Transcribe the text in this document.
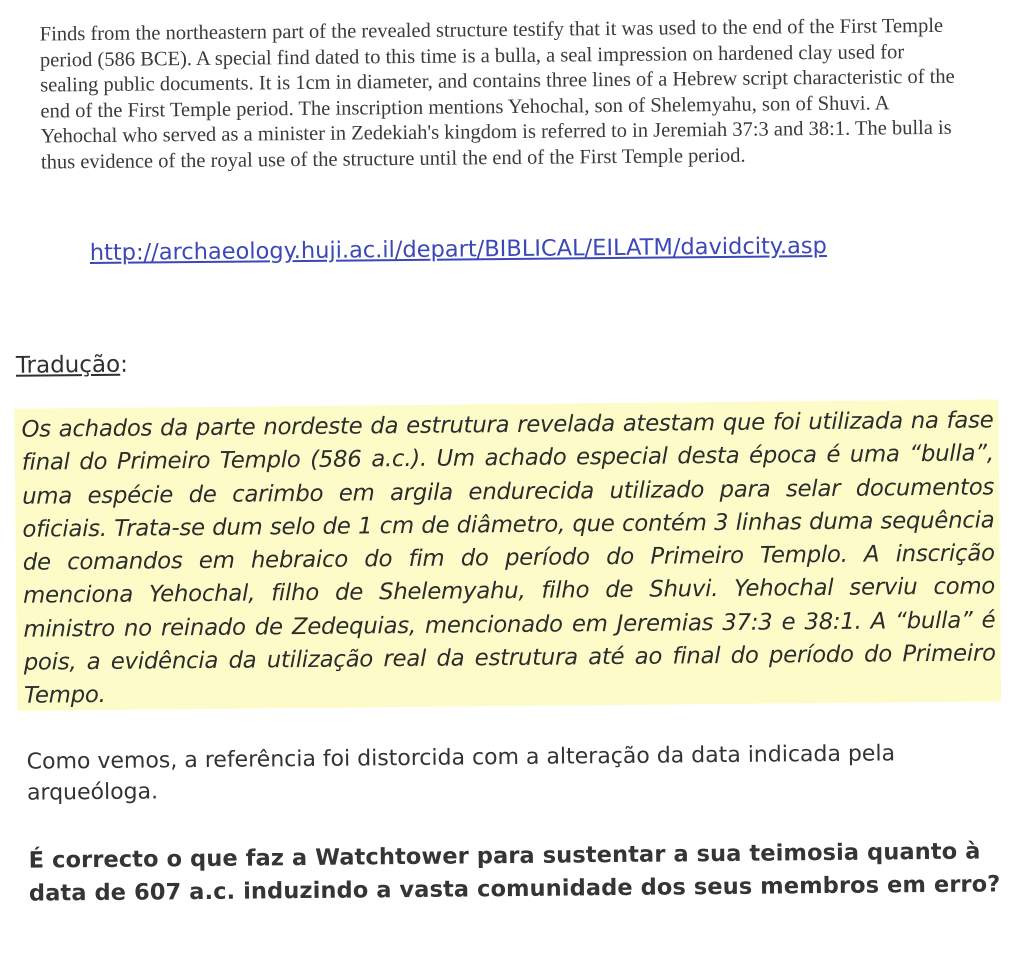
Finds from the northeastern part of the revealed structure testify that it was used to the end of the First Temple period (586 BCE). A special find dated to this time is a bulla, a seal impression on hardened clay used for sealing public documents. It is 1cm in diameter, and contains three lines of a Hebrew script characteristic of the end of the First Temple period. The inscription mentions Yehochal, son of Shelemyahu, son of Shuvi. A Yehochal who served as a minister in Zedekiah's kingdom is referred to in Jeremiah 37:3 and 38:1. The bulla is thus evidence of the royal use of the structure until the end of the First Temple period.
http://archaeology.huji.ac.il/depart/BIBLICAL/EILATM/davidcity.asp
Tradução:
Os achados da parte nordeste da estrutura revelada atestam que foi utilizada na fase final do Primeiro Templo (586 a.c.). Um achado especial desta época é uma “bulla”, uma espécie de carimbo em argila endurecida utilizado para selar documentos oficiais. Trata-se dum selo de 1 cm de diâmetro, que contém 3 linhas duma sequência de comandos em hebraico do fim do período do Primeiro Templo. A inscrição menciona Yehochal, filho de Shelemyahu, filho de Shuvi. Yehochal serviu como ministro no reinado de Zedequias, mencionado em Jeremias 37:3 e 38:1. A “bulla” é pois, a evidência da utilização real da estrutura até ao final do período do Primeiro Tempo.
Como vemos, a referência foi distorcida com a alteração da data indicada pela arqueóloga.
É correcto o que faz a Watchtower para sustentar a sua teimosia quanto à data de 607 a.c. induzindo a vasta comunidade dos seus membros em erro?
